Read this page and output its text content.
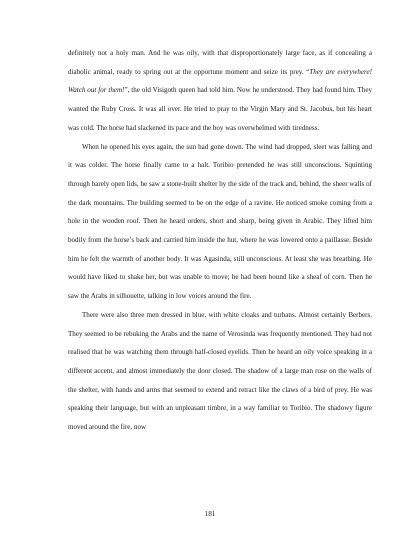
definitely not a holy man. And he was oily, with that disproportionately large face, as if concealing a diabolic animal, ready to spring out at the opportune moment and seize its prey. “They are everywhere! Watch out for them!”, the old Visigoth queen had told him. Now he understood. They had found him. They wanted the Ruby Cross. It was all over. He tried to pray to the Virgin Mary and St. Jacobus, but his heart was cold. The horse had slackened its pace and the boy was overwhelmed with tiredness.

When he opened his eyes again, the sun had gone down. The wind had dropped, sleet was falling and it was colder. The horse finally came to a halt. Toribio pretended he was still unconscious. Squinting through barely open lids, he saw a stone-built shelter by the side of the track and, behind, the sheer walls of the dark mountains. The building seemed to be on the edge of a ravine. He noticed smoke coming from a hole in the wooden roof. Then he heard orders, short and sharp, being given in Arabic. They lifted him bodily from the horse’s back and carried him inside the hut, where he was lowered onto a paillasse. Beside him he felt the warmth of another body. It was Agasinda, still unconscious. At least she was breathing. He would have liked to shake her, but was unable to move; he had been bound like a sheaf of corn. Then he saw the Arabs in silhouette, talking in low voices around the fire.

There were also three men dressed in blue, with white cloaks and turbans. Almost certainly Berbers. They seemed to be rebuking the Arabs and the name of Verosinda was frequently mentioned. They had not realised that he was watching them through half-closed eyelids. Then he heard an oily voice speaking in a different accent, and almost immediately the door closed. The shadow of a large man rose on the walls of the shelter, with hands and arms that seemed to extend and retract like the claws of a bird of prey. He was speaking their language, but with an unpleasant timbre, in a way familiar to Toribio. The shadowy figure moved around the fire, now

181
